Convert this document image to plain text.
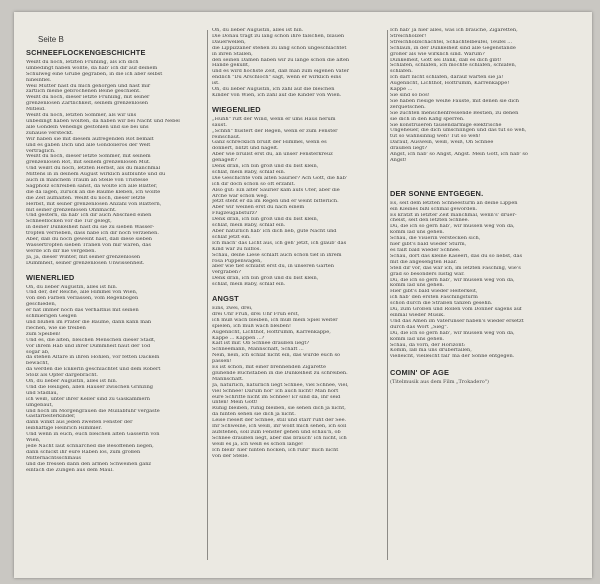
Seite B
SCHNEEFLOCKENGESCHICHTE
Weißt du noch, letzten Frühling, als ich dich
umbedingt haben wollte, da hab' ich dir auf deinem
Schulweg eine Grube gegraben, in die ich aber selbst
hineinfiel.
Weil Mutter hast du mich gehorgen und hast mir
zärtlich meine gebrochenen Beine geschient.
Weißt du noch, dieser letzte Frühling, mit seiner
grenzenlosen Zärtlichkeit, seinem grenzenlosen
Mitleid.
Weißt du noch, letzten Sommer, als wir uns
unbedingt haben wollten, da haben wir bei Nacht und Nebel
alle Gondeln Venedigs gestohlen und sie bei uns
zuhause versteckt.
Wir haben sie mit diesem aufregenden Rot bemalt
und es gaben Dich und alle Gondolieros der Welt
verträglich.
Weißt du noch, dieser letzte Sommer, mit seinem
grenzenlosen Rot, mit seinem grenzenlosen Mut.
Und weißt du noch, letzten Herbst, als du manchmal
Mittens in in deinem August wirklich aufblühte und du
auch in manchem Traum an Stelle von Tristesse
Sägpholz schreiben sahst, da wollte ich alle Blätter,
die da lagen, zurück an die Bäume kleben, ich wollte
die Zeit aufhalten. Weißt du noch, dieser letzte
Herbst, mit seiner grenzenlosen Anzahl von Blättern,
mit seiner grenzenlosen Ohnmacht.
Und gestern, da hab' ich dir auch Abschied einen
Schneeflocken vor die Tür gelegt,
in deiner Dunkelheit hast du sie zu sieben Wasser-
tropfen verrieben, dass habe ich dir noch verziehen.
Aber, daß du noch geweint hast, daß diese sieben
Wassertropfen sieben Tränen von mir waren, das
werde ich dir nie vergeben.
Ja, ja, dieser Winter, mit seiner grenzenlosen
Dummheit, seiner grenzenlosen Unwissenheit.
WIENERLIED
Oh, du lieber Augustin, alles ist hin.
Und der, der Reiche, alle Himmel von Wien,
von den Farben verlassen, vom Regenbogen
geschieden,
er hat immer noch das Verhältnis mit seinen
schmierigen Geigen
und blühen im Prater die Bäume, dann kann man
riechen, wie sie treiben
zum Speiben!
Und es, die alten, bleichen Menschen dieser Stadt,
vor ihrem Hab und ihrer Dummheit haut der Tod
sogar ab,
da stehen Altare in ihren Höhlen, vor fetten Dackeln
bewacht,
da werden die Enkerln geschlachtet und dem Robert
Stolz als Opfer dargebracht.
Oh, du lieber Augustin, alles ist hin.
Und die Heiligen, allen Häuser zwischen Grinzing
und Stadlau,
ich weiß, unter ihrer Keller sind zu Gaskammern
umgebaut,
und hoch im Morgengrauen die Müllabfuhr vergaste
Gastarbeiterkinder,
dann winkt aus jeden zweiten Fenster der
leibhaftige Heinrich Himmler.
Und wenn in euch, euch bleichen alten Gasserln von
Wien,
jede Nacht laut schnarched die Besoffenen liegen,
dann schickt ihr eure Raben los, zum großen
Mitternachtsschmaus
und die fressen dann den armen Schweinen ganz
einfach die Zungen aus dem Maul.
Oh, du lieber Augustin, alles ist hin.
Die Donau trägt zu lang schon ihre falschen, blauen
Dauerwellen,
die Lippizzaner stehen zu lang schon ungeschlachtet
in ihren Ställen,
den seinen Damen haben wir zu lange schon die alten
Hände geküßt,
und es wird höchste Zeit, daß man zum eigenen Vater
endlich "Du Arschloch" sagt, wenn er wirklich eins
ist.
Oh, du lieber Augustin, ich zähl auf die bleichen
Kinder von Wien, ich zähl auf die Kinder von Wien.
WIEGENLIED
„Huhh" ruft der Wind, wenn er ums Haus herum
saust.
„Schhh" flüstert der Regen, wenn er zum Fenster
reinschaut.
Ganz schrecklich brüllt der Himmel, wenn es
donnert, blitzt und hagelt.
Aber wie brüllst erst du, an unser Fensterkreuz
genagelt?
Denk dran, ich bin groß und du bist klein,
schlaf, mein Baby, schlaf ein.
Die Geschichte vom alten Saurier? Ach Gott, die hab'
ich dir doch schon so oft erzählt.
Also gut: Ein alter Saurier kam aufs Ufer, aber die
Arche war schon weg.
Jetzt steht er da im Regen und er weint bitterlich.
Aber wir weinen erst du nach einem
Flugzeugabsturz?
Denk dran, ich bin groß und du bist klein,
schlaf, mein Baby, schlaf ein.
Aber natürlich hab' ich dich lieb, gute Nacht und
schlaf jetzt ein.
Ich mach' das Licht aus, ich geh' jetzt, ich glaub' das
Kind war zu hilflos.
Schau, deine Liese schläft auch schon tief in ihrem
rosa Puppenwagen,
aber wie tief schläfst erst du, in unseren Garten
vergraben?
Denk dran, ich bin groß und du bist klein,
schlaf, mein Baby, schlaf ein.
ANGST
Eins, zwei, drei,
drei Uhr Früh, drei Uhr Früh erst,
ich muß wach bleiben, ich muß mein Spiel weiter
spielen, ich muß wach bleiben!
Augenlicht, Lichthof, Hoftrumm, Karrenkappe,
Kappe ... Kappen ...?
Kalt ist mir. Ob Schnee draußen liegt?
Schneemann, Mannschaft, Schaft ...
Nein, nein, ich schlaf nicht ein, das würde euch so
passen!
Es ist schon, mit einer brennenden Zigarette
glühende Buchstaben in die Dunkelheit zu schreiben.
Mannschaft.
Ja, natürlich, natürlich liegt Schnee, viel Schnee, viel,
viel Schnee! Darum hör' ich auch nicht! Man hört
eure Schritte nicht im Schnee! Er sind da, Ihr seid
unten! Mein Gott!
Ruhig bleiben, ruhig bleiben, sie sehen dich ja nicht,
da hinten sehen sie dich ja nicht.
Leise rieselt der Schnee, still und starr ruht der See.
Ihr Schweine, ich weiß, ihr wollt mich sehen, ich soll
aufstehen, soll zum Fenster gehen und schau'n, ob
Schnee draußen liegt, aber das brauch' ich nicht, ich
weiß es ja, ich weiß es schon lange!
Ich bleib' hier hinten hocken, ich rühr' mich nicht
von der Stelle.
Ich hab' ja hier alles, was ich brauche, Zigaretten,
Streichhölzer!
Streichholzschachtel, Schachtelbeufel, Teufel ...
Schlaun, in der Dunkelheit sind alle Gegenstände
größer als wie wirklich sind. Warum?
Dunkelheit, Gott sei Dank, daß es dich gibt!
Schlafen, schlafen, ich möchte schlafen, schlafen,
schlafen.
Ich darf nicht schlafen, darauf warten sie ja!
Augenlicht, Lichthof, Hoftrumm, Karrenkappe!
Kappe ...
Sie sind so bös!
Sie haben riesige weiße Fäuste, mit denen sie dich
zerquetschen.
Sie züchten menschenfressende Bestien, zu denen
sie dich in den Käfig sperren.
Sie konstruieren tausendarmige elektrische
Ungeheuer, die dich umschlingen und das tut so weh,
tut so wahnsinnig weh! Tut so weh!
Darauf, Auswein, weiß, weiß, Oh Schnee
draußen liegt?
Angst, ich hab' so Angst, Angst. Mein Gott, ich hab' so
Angst!
DER SONNE ENTGEGEN.
Es, seit dem letzten Schneesturm an deine Lippen
ein Kleines bißl schmal geworden.
Es kratzt in letzter Zeit manchmal, wenn's' drüer-
chelst, seit den letzten Schnee.
Du, die ich so gern hab', wir müssen weg von da,
komm lad uns gehen.
Schau, die Visierin verstecken sich,
hier gibt's bald wieder Sturm,
es fällt bald wieder Schnee.
Schau, dort das kleine Kaseerl, das du so liebst, das
mit die angesengten Haar.
Stell dir vor, das war ich, im letzten Fasching, wie's
grad so besonders lustig war.
Du, die ich so gern hab', wir müssen weg von da,
komm lad uns gehen.
Hier gibt's bald wieder Helterkeit,
ich hab' den ersten Faschingsturm
schon durch die Straßen tanzen gesehn.
Du, zum Großen und Rollen vom Donner sagens auf
einmal wieder Musik.
Und das Amen im Vaterunser haben's wieder ersetzt
durch das Wort „Sieg".
Du, die ich so gern hab', wir müssen weg von da,
komm lad uns gehen.
Schau, da vorn, der Horizont:
Komm, laß ma uns drüberfallen,
vielleicht, vielleicht fall' ma der Sonne entgegen.
COMIN' OF AGE
(Titelmusik aus dem Film „Trokadero")
